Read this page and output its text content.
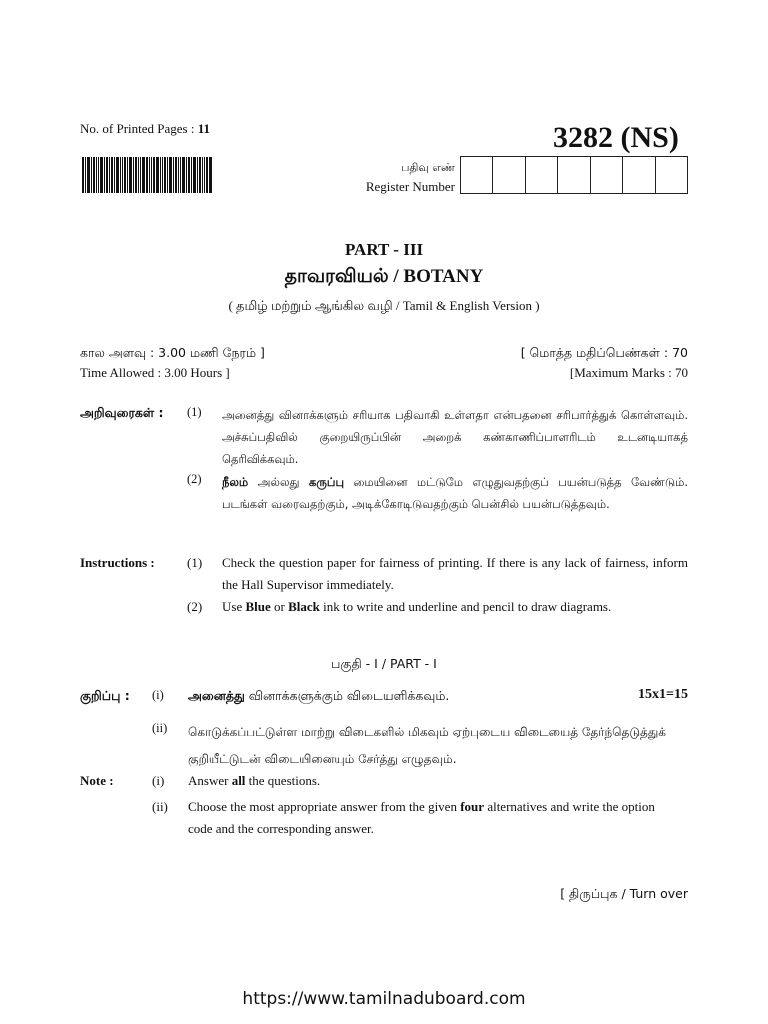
No. of Printed Pages : 11	3282 (NS)
பதிவு எண்
Register Number
PART - III
தாவரவியல் / BOTANY
( தமிழ் மற்றும் ஆங்கில வழி / Tamil & English Version )
கால அளவு : 3.00 மணி நேரம் ]
Time Allowed : 3.00 Hours ]
[ மொத்த மதிப்பெண்கள் : 70
[Maximum Marks : 70
அறிவுரைகள் : (1) அனைத்து வினாக்களும் சரியாக பதிவாகி உள்ளதா என்பதனை சரிபார்த்துக் கொள்ளவும். அச்சுப்பதிவில் குறையிருப்பின் அறைக் கண்காணிப்பாளரிடம் உடனடியாகத் தெரிவிக்கவும்.
(2) நீலம் அல்லது கருப்பு மையினை மட்டுமே எழுதுவதற்குப் பயன்படுத்த வேண்டும். படங்கள் வரைவதற்கும், அடிக்கோடிடுவதற்கும் பென்சில் பயன்படுத்தவும்.
Instructions : (1) Check the question paper for fairness of printing. If there is any lack of fairness, inform the Hall Supervisor immediately.
(2) Use Blue or Black ink to write and underline and pencil to draw diagrams.
பகுதி - I / PART - I
குறிப்பு : (i) அனைத்து வினாக்களுக்கும் விடையளிக்கவும்.	15x1=15
(ii) கொடுக்கப்பட்டுள்ள மாற்று விடைகளில் மிகவும் ஏற்புடைய விடையைத் தேர்ந்தெடுத்துக் குறியீட்டுடன் விடையினையும் சேர்த்து எழுதவும்.
Note :	(i) Answer all the questions.
(ii) Choose the most appropriate answer from the given four alternatives and write the option code and the corresponding answer.
[ திருப்புக / Turn over
https://www.tamilnaduboard.com
